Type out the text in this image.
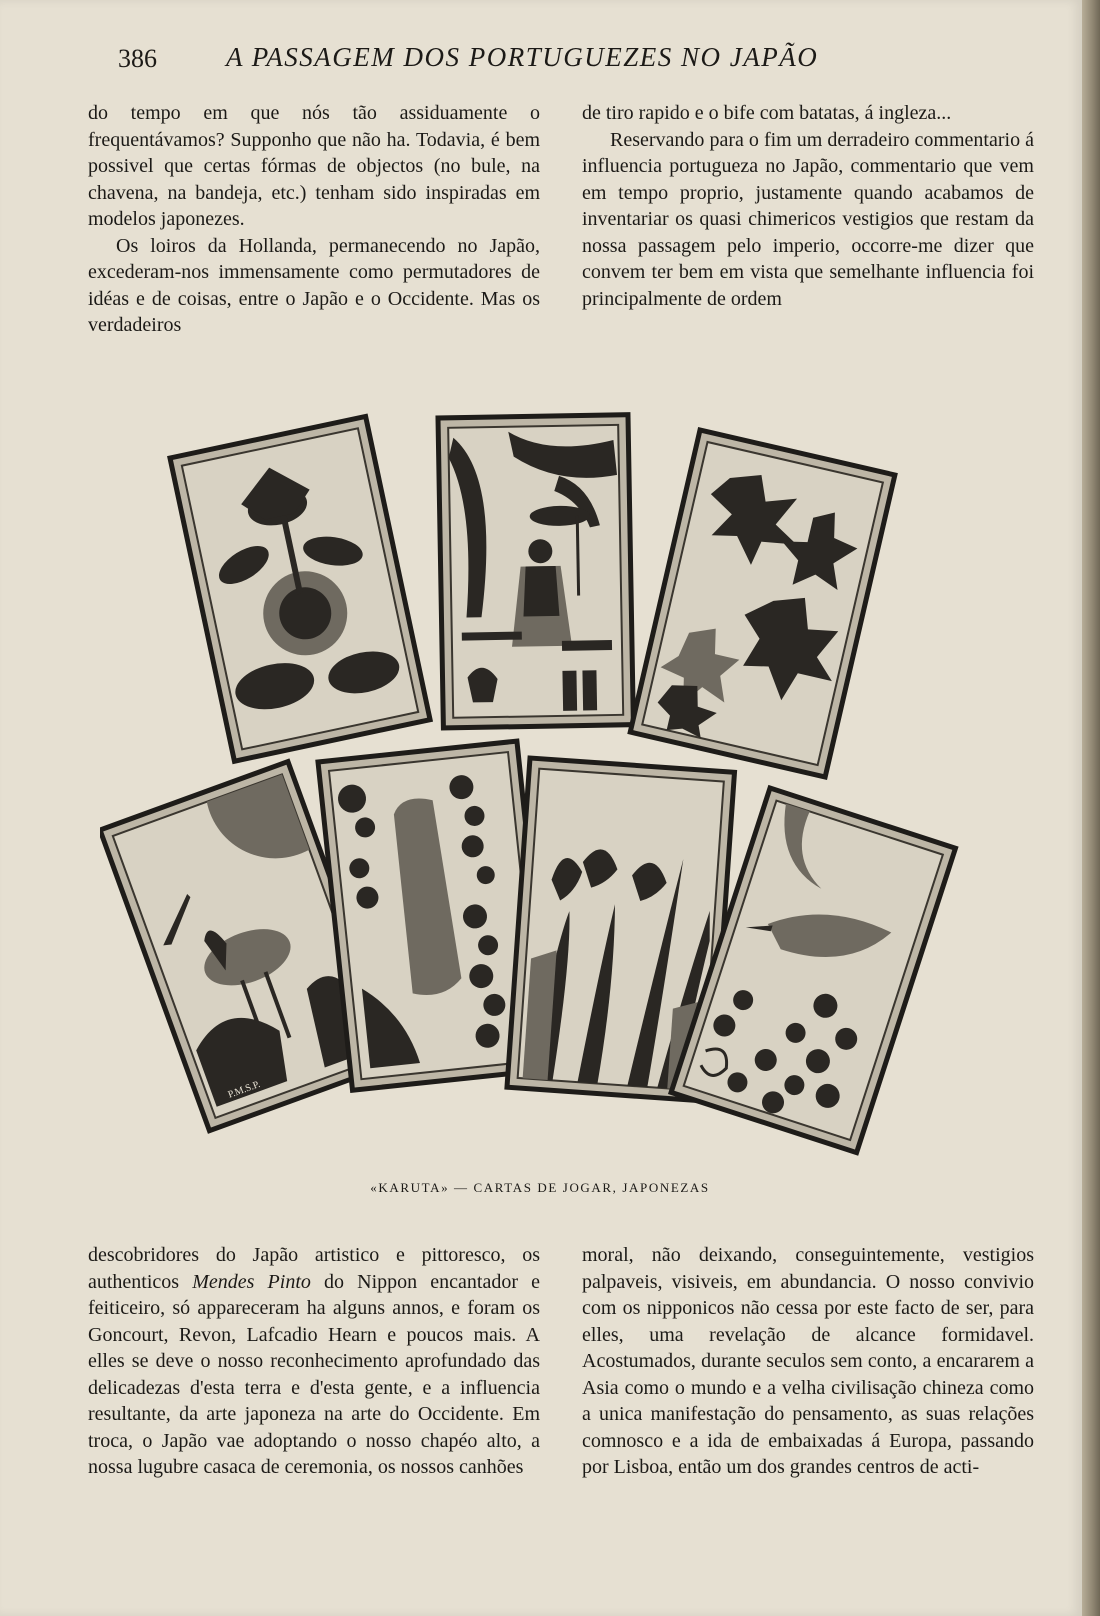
386	A PASSAGEM DOS PORTUGUEZES NO JAPÃO

do tempo em que nós tão assiduamente o frequentávamos? Supponho que não ha. Todavia, é bem possivel que certas fórmas de objectos (no bule, na chavena, na bandeja, etc.) tenham sido inspiradas em modelos japonezes.

Os loiros da Hollanda, permanecendo no Japão, excederam-nos immensamente como permutadores de idéas e de coisas, entre o Japão e o Occidente. Mas os verdadeiros

de tiro rapido e o bife com batatas, á ingleza...

Reservando para o fim um derradeiro commentario á influencia portugueza no Japão, commentario que vem em tempo proprio, justamente quando acabamos de inventariar os quasi chimericos vestigios que restam da nossa passagem pelo imperio, occorre-me dizer que convem ter bem em vista que semelhante influencia foi principalmente de ordem

P.M.S.P.
«KARUTA» — CARTAS DE JOGAR, JAPONEZAS

descobridores do Japão artistico e pittoresco, os authenticos Mendes Pinto do Nippon encantador e feiticeiro, só appareceram ha alguns annos, e foram os Goncourt, Revon, Lafcadio Hearn e poucos mais. A elles se deve o nosso reconhecimento aprofundado das delicadezas d'esta terra e d'esta gente, e a influencia resultante, da arte japoneza na arte do Occidente. Em troca, o Japão vae adoptando o nosso chapéo alto, a nossa lugubre casaca de ceremonia, os nossos canhões

moral, não deixando, conseguintemente, vestigios palpaveis, visiveis, em abundancia. O nosso convivio com os nipponicos não cessa por este facto de ser, para elles, uma revelação de alcance formidavel. Acostumados, durante seculos sem conto, a encararem a Asia como o mundo e a velha civilisação chineza como a unica manifestação do pensamento, as suas relações comnosco e a ida de embaixadas á Europa, passando por Lisboa, então um dos grandes centros de acti-
